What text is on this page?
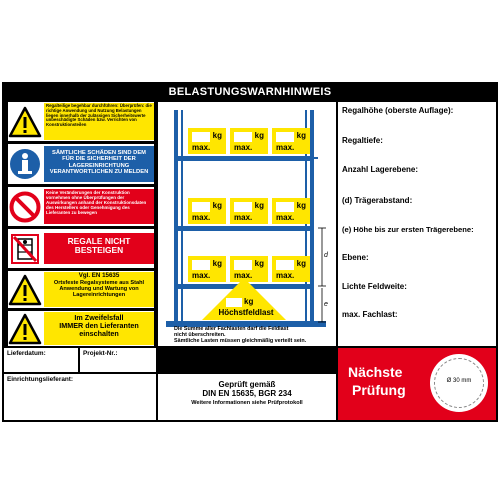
BELASTUNGSWARNHINWEIS
Regalteilige begehbar durchführen: Überprüfen: die richtige Anwendung und Nutzung Belastungen liegen innerhalb der zulässigen Sicherheitswerte unbeschädigte Schäden bzw. Verrichten von Konstruktionsteilen
SÄMTLICHE SCHÄDEN SIND DEM FÜR DIE SICHERHEIT DER LAGEREINRICHTUNG VERANTWORTLICHEN ZU MELDEN
Keine Veränderungen der Konstruktion vornehmen ohne Überprüfungen der Auswirkungen anhand der Konstruktionsdaten des Herstellers oder Genehmigung des Lieferanten zu bewegen
REGALE NICHT BESTEIGEN
Vgl. EN 15635
Ortsfeste Regalsysteme aus Stahl
Anwendung und Wartung von
Lagereinrichtungen
Im Zweifelsfall
IMMER den Lieferanten
einschalten
kg
max.
kg
max.
kg
max.
kg
max.
kg
max.
kg
max.
kg
max.
kg
max.
kg
max.
kg
Höchstfeldlast
d
e
Die Summe aller Fachlasten darf die Feldlast
nicht überschreiten.
Sämtliche Lasten müssen gleichmäßig verteilt sein.
Regalhöhe (oberste Auflage):
Regaltiefe:
Anzahl Lagerebene:
(d) Trägerabstand:
(e) Höhe bis zur ersten Trägerebene:
Ebene:
Lichte Feldweite:
max. Fachlast:
Lieferdatum:	Projekt-Nr.:
Einrichtungslieferant:
Geprüft gemäß
DIN EN 15635, BGR 234
Weitere Informationen siehe Prüfprotokoll
Nächste
Prüfung
Ø 30 mm
